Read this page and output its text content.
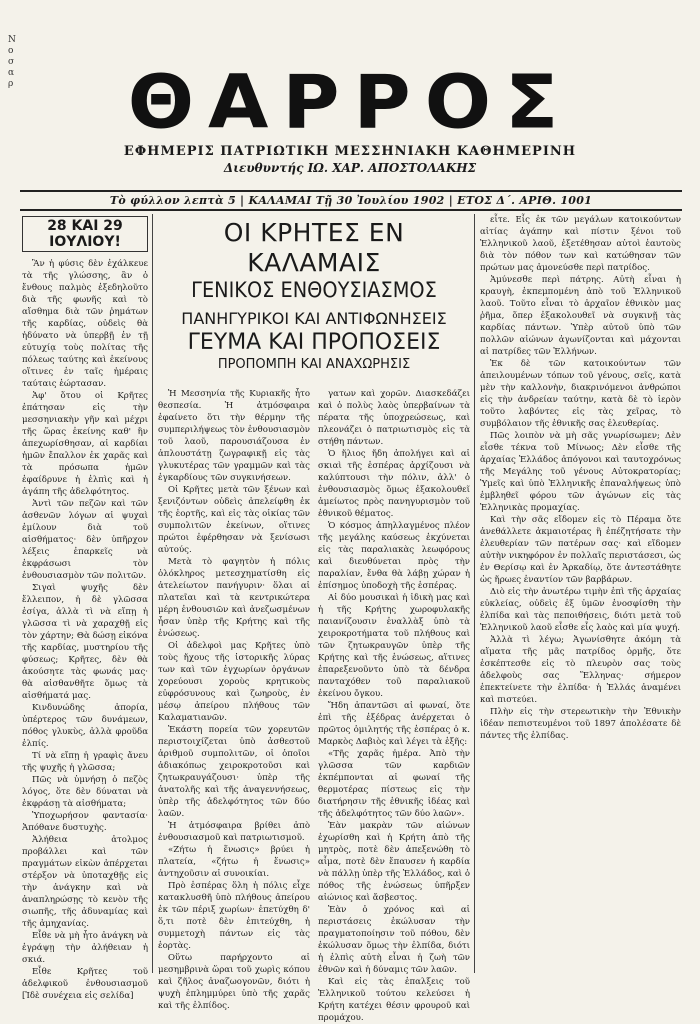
N
ο
σ
α
ρ	ΘΑΡΡΟΣ
ΕΦΗΜΕΡΙΣ ΠΑΤΡΙΩΤΙΚΗ ΜΕΣΣΗΝΙΑΚΗ ΚΑΘΗΜΕΡΙΝΗ
Διευθυντής ΙΩ. ΧΑΡ. ΑΠΟΣΤΟΛΑΚΗΣ
Τὸ φύλλον λεπτὰ 5 | ΚΑΛΑΜΑΙ Τῇ 30 Ἰουλίου 1902 | ΕΤΟΣ Δ΄. ΑΡΙΘ. 1001
28 ΚΑΙ 29 ΙΟΥΛΙΟΥ!

Ἂν ἡ φύσις δὲν ἐχάλκευε τὰ τῆς γλώσσης, ἂν ὁ ἔνθους παλμὸς ἐξεδηλοῦτο διὰ τῆς φωνῆς καὶ τὸ αἴσθημα διὰ τῶν ῥημάτων τῆς καρδίας, οὐδεὶς θὰ ἠδύνατο νὰ ὑπερβῇ ἐν τῇ εὐτυχίᾳ τοὺς πολίτας τῆς πόλεως ταύτης καὶ ἐκείνους οἵτινες ἐν ταῖς ἡμέραις ταύταις ἑώρτασαν.

Ἀφ' ὅτου οἱ Κρῆτες ἐπάτησαν εἰς τὴν μεσσηνιακὴν γῆν καὶ μέχρι τῆς ὥρας ἐκείνης καθ' ἣν ἀπεχωρίσθησαν, αἱ καρδίαι ἡμῶν ἔπαλλον ἐκ χαρᾶς καὶ τὰ πρόσωπα ἡμῶν ἐφαίδρυνε ἡ ἐλπὶς καὶ ἡ ἀγάπη τῆς ἀδελφότητος.

Ἀντὶ τῶν πεζῶν καὶ τῶν ἀσθενῶν λόγων αἱ ψυχαὶ ἐμίλουν διὰ τοῦ αἰσθήματος· δὲν ὑπῆρχον λέξεις ἐπαρκεῖς νὰ ἐκφράσωσι τὸν ἐνθουσιασμὸν τῶν πολιτῶν.

Σιγαὶ ψυχῆς δὲν ἔλλειπον, ἡ δὲ γλῶσσα ἐσίγα, ἀλλὰ τὶ νὰ εἴπῃ ἡ γλῶσσα τὶ νὰ χαραχθῇ εἰς τὸν χάρτην; Θὰ δώσῃ εἰκόνα τῆς καρδίας, μυστηρίου τῆς φύσεως; Κρῆτες, δὲν θὰ ἀκούσητε τὰς φωνάς μας· θὰ αἰσθανθῆτε ὅμως τὰ αἰσθήματά μας.

Κινδυνώδης ἀπορία, ὑπέρτερος τῶν δυνάμεων, πόθος γλυκὺς, ἀλλὰ φροῦδα ἐλπίς.

Τί νὰ εἴπῃ ἡ γραφὶς ἄνευ τῆς ψυχῆς ἡ γλῶσσα;

Πῶς νὰ ὑμνήσῃ ὁ πεζὸς λόγος, ὅτε δὲν δύναται νὰ ἐκφράσῃ τὰ αἰσθήματα;

Ὑποχωρήσον φαντασία· Ἀπόθανε δυστυχὴς.

Ἀλήθεια ἀτολμος προβάλλει καὶ τῶν πραγμάτων εἰκὼν ἀπέρχεται στέρξον νὰ ὑποταχθῇς εἰς τὴν ἀνάγκην καὶ νὰ ἀναπληρώσῃς τὸ κενὸν τῆς σιωπῆς, τῆς ἀδυναμίας καὶ τῆς ἀμηχανίας.

Εἶθε νὰ μὴ ἦτο ἀνάγκη νὰ ἐγράψῃ τὴν ἀλήθειαν ἡ σκιά.

Εἶθε Κρῆτες τοῦ ἀδελφικοῦ ἐνθουσιασμοῦ [Ἰδὲ συνέχεια εἰς σελίδα]

ΟΙ ΚΡΗΤΕΣ ΕΝ ΚΑΛΑΜΑΙΣ
ΓΕΝΙΚΟΣ ΕΝΘΟΥΣΙΑΣΜΟΣ
ΠΑΝΗΓΥΡΙΚΟΙ ΚΑΙ ΑΝΤΙΦΩΝΗΣΕΙΣ
ΓΕΥΜΑ ΚΑΙ ΠΡΟΠΟΣΕΙΣ
ΠΡΟΠΟΜΠΗ ΚΑΙ ΑΝΑΧΩΡΗΣΙΣ

Ἡ Μεσσηνία τῆς Κυριακῆς ἦτο θεσπεσία. Ἡ ἀτμόσφαιρα ἐφαίνετο ὅτι τὴν θέρμην τῆς συμπεριλήψεως τὸν ἐνθουσιασμὸν τοῦ λαοῦ, παρουσιάζουσα ἐν ἀπλουστάτῃ ζωγραφικῇ εἰς τὰς γλυκυτέρας τῶν γραμμῶν καὶ τὰς ἐγκαρδίους τῶν συγκινήσεων.

Οἱ Κρῆτες μετὰ τῶν ξένων καὶ ξενιζόντων οὐδεὶς ἀπελείφθη ἐκ τῆς ἑορτῆς, καὶ εἰς τὰς οἰκίας τῶν συμπολιτῶν ἐκείνων, οἵτινες πρώτοι ἐφέρθησαν νὰ ξενίσωσι αὐτούς.

Μετὰ τὸ φαγητὸν ἡ πόλις ὁλόκληρος μετεσχηματίσθη εἰς ἀτελείωτον πανήγυριν· ὅλαι αἱ πλατεῖαι καὶ τὰ κεντρικώτερα μέρη ἐνθουσιῶν καὶ ἀνεζωσμένων ἦσαν ὑπὲρ τῆς Κρήτης καὶ τῆς ἑνώσεως.

Οἱ ἀδελφοὶ μας Κρῆτες ὑπὸ τοὺς ἤχους τῆς ἱστορικῆς λύρας των καὶ τῶν ἐγχωρίων ὀργάνων χορεύουσι χοροὺς κρητικοὺς εὐφρόσυνους καὶ ζωηροὺς, ἐν μέσῳ ἀπείρου πλήθους τῶν Καλαματιανῶν.

Ἐκάστη πορεία τῶν χορευτῶν περιστοιχίζεται ὑπὸ ἀσθεστοῦ ἀριθμοῦ συμπολιτῶν, οἱ ὁποῖοι ἀδιακόπως χειροκροτοῦσι καὶ ζητωκραυγάζουσι· ὑπὲρ τῆς ἀνατολῆς καὶ τῆς ἀναγεννήσεως, ὑπὲρ τῆς ἀδελφότητος τῶν δύο λαῶν.

Ἡ ἀτμόσφαιρα βρίθει ἀπὸ ἐνθουσιασμοῦ καὶ πατριωτισμοῦ.

«Ζήτω ἡ ἕνωσις» βρύει ἡ πλατεία, «ζήτω ἡ ἕνωσις» ἀντηχοῦσιν αἱ συνοικίαι.

Πρὸ ἑσπέρας ὅλη ἡ πόλις εἶχε κατακλυσθῆ ὑπὸ πλήθους ἀπείρου ἐκ τῶν πέριξ χωρίων· ἐπετύχθη δ' ὅ,τι ποτὲ δὲν ἐπιτεύχθη, ἡ συμμετοχὴ πάντων εἰς τὰς ἑορτὰς.

Οὕτω παρήρχοντο αἱ μεσημβρινὰ ὥραι τοῦ χωρὶς κόπου καὶ ζῆλος ἀναζωογονῶν, διότι ἡ ψυχὴ ἐπλημμύρει ὑπὸ τῆς χαρᾶς καὶ τῆς ἐλπίδος.

γατων καὶ χορῶν. Διασκεδάζει καὶ ὁ πολὺς λαὸς ὑπερβαίνων τὰ πέρατα τῆς ὑποχρεώσεως, καὶ πλεονάζει ὁ πατριωτισμὸς εἰς τὰ στήθη πάντων.

Ὁ ἥλιος ἤδη ἀπολήγει καὶ αἱ σκιαὶ τῆς ἑσπέρας ἀρχίζουσι νὰ καλύπτουσι τὴν πόλιν, ἀλλ' ὁ ἐνθουσιασμὸς ὅμως ἐξακολουθεῖ ἀμείωτος πρὸς πανηγυρισμὸν τοῦ ἐθνικοῦ θέματος.

Ὁ κόσμος ἀπηλλαγμένος πλέον τῆς μεγάλης καύσεως ἐκχύνεται εἰς τὰς παραλιακὰς λεωφόρους καὶ διευθύνεται πρὸς τὴν παραλίαν, ἔνθα θὰ λάβῃ χώραν ἡ ἐπίσημος ὑποδοχὴ τῆς ἑσπέρας.

Αἱ δύο μουσικαὶ ἡ ἰδικὴ μας καὶ ἡ τῆς Κρήτης χωροφυλακῆς παιανίζουσιν ἐναλλὰξ ὑπὸ τὰ χειροκροτήματα τοῦ πλήθους καὶ τῶν ζητωκραυγῶν ὑπὲρ τῆς Κρήτης καὶ τῆς ἑνώσεως, αἵτινες ἐπαρεξενοῦντο ὑπὸ τὰ δένδρα πανταχόθεν τοῦ παραλιακοῦ ἐκείνου ὄγκου.

Ἤδη ἀπαντῶσι αἱ φωναί, ὅτε ἐπὶ τῆς ἐξέδρας ἀνέρχεται ὁ πρῶτος ὁμιλητής τῆς ἑσπέρας ὁ κ. Μαρκὸς Δαβιὸς καὶ λέγει τὰ ἑξῆς:

«Τῆς χαρᾶς ἡμέρα. Ἀπὸ τὴν γλῶσσα τῶν καρδιῶν ἐκπέμπονται αἱ φωναί τῆς θερμοτέρας πίστεως εἰς τὴν διατήρησιν τῆς ἐθνικῆς ἰδέας καὶ τῆς ἀδελφότητος τῶν δύο λαῶν».

Ἐὰν μακρὰν τῶν αἰώνων ἐχωρίσθη καὶ ἡ Κρήτη ἀπὸ τῆς μητρὸς, ποτὲ δὲν ἀπεξενώθη τὸ αἷμα, ποτὲ δὲν ἔπαυσεν ἡ καρδία νὰ πάλλῃ ὑπὲρ τῆς Ἑλλάδος, καὶ ὁ πόθος τῆς ἑνώσεως ὑπῆρξεν αἰώνιος καὶ ἄσβεστος.

Ἐὰν ὁ χρόνος καὶ αἱ περιστάσεις ἐκώλυσαν τὴν πραγματοποίησιν τοῦ πόθου, δὲν ἐκώλυσαν ὅμως τὴν ἐλπίδα, διότι ἡ ἐλπὶς αὐτὴ εἶναι ἡ ζωὴ τῶν ἐθνῶν καὶ ἡ δύναμις τῶν λαῶν.

Καὶ εἰς τὰς ἐπαλξεις τοῦ Ἑλληνικοῦ τούτου κελεύσει ἡ Κρήτη κατέχει θέσιν φρουροῦ καὶ προμάχου.

εἶτε. Εἷς ἐκ τῶν μεγάλων κατοικούντων αἰτίας ἀγάπην καὶ πίστιν ξένοι τοῦ Ἑλληνικοῦ λαοῦ, ἐξετέθησαν αὐτοὶ ἑαυτοὺς διὰ τὸν πόθον των καὶ κατώθησαν τῶν πρώτων μας ἀμονεύσθε περὶ πατρίδος.

Ἀμύνεσθε περὶ πάτρης. Αὐτὴ εἶναι ἡ κραυγὴ, ἐκπεμπομένη ἀπὸ τοῦ Ἑλληνικοῦ λαοῦ. Τοῦτο εἶναι τὸ ἀρχαῖον ἐθνικὸν μας ῥῆμα, ὅπερ ἐξακολουθεῖ νὰ συγκινῇ τὰς καρδίας πάντων. Ὑπὲρ αὐτοῦ ὑπὸ τῶν πολλῶν αἰώνων ἀγωνίζονται καὶ μάχονται αἱ πατρίδες τῶν Ἑλλήνων.

Ἐκ δὲ τῶν κατοικούντων τῶν ἀπειλουμένων τόπων τοῦ γένους, σεῖς, κατὰ μὲν τὴν καλλονὴν, διακρινόμενοι ἀνθρώποι εἰς τὴν ἀνδρείαν ταύτην, κατὰ δὲ τὸ ἱερὸν τοῦτο λαβόντες εἰς τὰς χεῖρας, τὸ συμβόλαιον τῆς ἐθνικῆς σας ἐλευθερίας.

Πῶς λοιπὸν νὰ μὴ σᾶς γνωρίσωμεν; Δὲν εἶσθε τέκνα τοῦ Μίνωος; Δὲν εἶσθε τῆς ἀρχαίας Ἑλλάδος ἀπόγονοι καὶ ταυτοχρόνως τῆς Μεγάλης τοῦ γένους Αὐτοκρατορίας; Ὑμεῖς καὶ ὑπὸ Ἑλληνικῆς ἐπαναλήψεως ὑπὸ ἐμβληθεῖ φόρου τῶν ἀγώνων εἰς τὰς Ἑλληνικὰς προμαχίας.

Καὶ τὴν σᾶς εἴδομεν εἰς τὸ Πέραμα ὅτε ἀνεθάλλετε ἀκμαιοτέρας ἢ ἐπέζητήσατε τὴν ἐλευθερίαν τῶν πατέρων σας· καὶ εἴδομεν αὐτὴν νικηφόρον ἐν πολλαῖς περιστάσεσι, ὡς ἐν Θερίσῳ καὶ ἐν Ἀρκαδίῳ, ὅτε ἀντεστάθητε ὡς ἥρωες ἐναντίον τῶν βαρβάρων.

Διὸ εἰς τὴν ἀνωτέρω τιμὴν ἐπὶ τῆς ἀρχαίας εὐκλείας, οὐδεὶς ἐξ ὑμῶν ἐνοσφίσθη τὴν ἐλπίδα καὶ τὰς πεποιθήσεις, διότι μετὰ τοῦ Ἑλληνικοῦ λαοῦ εἶσθε εἷς λαὸς καὶ μία ψυχή.

Ἀλλὰ τὶ λέγω; Ἀγωνίσθητε ἀκόμη τὰ αἵματα τῆς μᾶς πατρίδος ὁρμῆς, ὅτε ἐσκέπτεσθε εἰς τὸ πλευρὸν σας τοὺς ἀδελφοὺς σας Ἕλληνας· σήμερον ἐπεκτείνετε τὴν ἐλπίδα· ἡ Ἑλλάς ἀναμένει καὶ πιστεύει.

Πλὴν εἰς τὴν στερεωτικὴν τὴν Ἐθνικὴν ἰδέαν πεπιστευμένοι τοῦ 1897 ἀπολέσατε δὲ πάντες τῆς ἐλπίδας.
